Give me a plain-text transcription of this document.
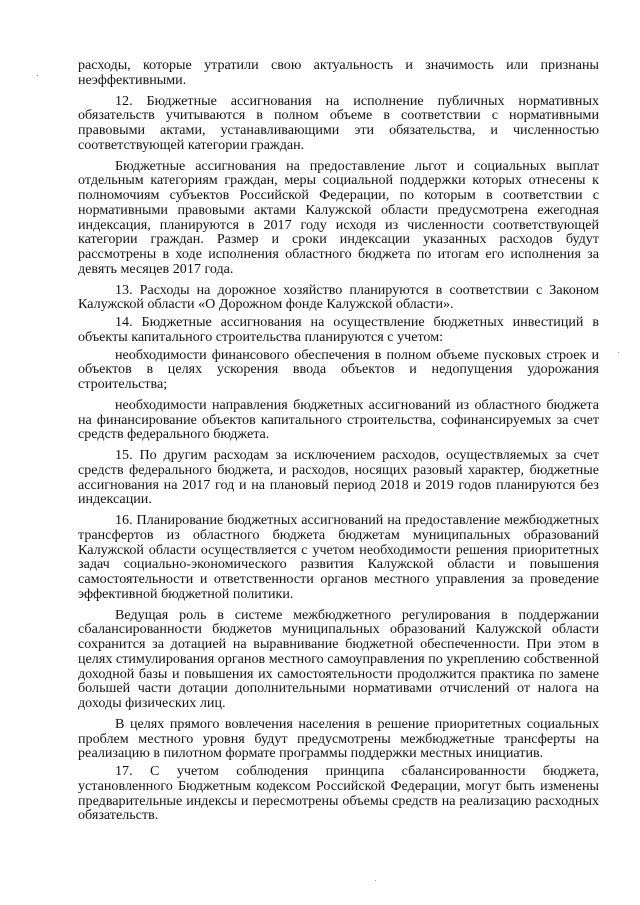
расходы, которые утратили свою актуальность и значимость или признаны неэффективными.

12. Бюджетные ассигнования на исполнение публичных нормативных обязательств учитываются в полном объеме в соответствии с нормативными правовыми актами, устанавливающими эти обязательства, и численностью соответствующей категории граждан.

Бюджетные ассигнования на предоставление льгот и социальных выплат отдельным категориям граждан, меры социальной поддержки которых отнесены к полномочиям субъектов Российской Федерации, по которым в соответствии с нормативными правовыми актами Калужской области предусмотрена ежегодная индексация, планируются в 2017 году исходя из численности соответствующей категории граждан. Размер и сроки индексации указанных расходов будут рассмотрены в ходе исполнения областного бюджета по итогам его исполнения за девять месяцев 2017 года.

13. Расходы на дорожное хозяйство планируются в соответствии с Законом Калужской области «О Дорожном фонде Калужской области».

14. Бюджетные ассигнования на осуществление бюджетных инвестиций в объекты капитального строительства планируются с учетом:

необходимости финансового обеспечения в полном объеме пусковых строек и объектов в целях ускорения ввода объектов и недопущения удорожания строительства;

необходимости направления бюджетных ассигнований из областного бюджета на финансирование объектов капитального строительства, софинансируемых за счет средств федерального бюджета.

15. По другим расходам за исключением расходов, осуществляемых за счет средств федерального бюджета, и расходов, носящих разовый характер, бюджетные ассигнования на 2017 год и на плановый период 2018 и 2019 годов планируются без индексации.

16. Планирование бюджетных ассигнований на предоставление межбюджетных трансфертов из областного бюджета бюджетам муниципальных образований Калужской области осуществляется с учетом необходимости решения приоритетных задач социально-экономического развития Калужской области и повышения самостоятельности и ответственности органов местного управления за проведение эффективной бюджетной политики.

Ведущая роль в системе межбюджетного регулирования в поддержании сбалансированности бюджетов муниципальных образований Калужской области сохранится за дотацией на выравнивание бюджетной обеспеченности. При этом в целях стимулирования органов местного самоуправления по укреплению собственной доходной базы и повышения их самостоятельности продолжится практика по замене большей части дотации дополнительными нормативами отчислений от налога на доходы физических лиц.

В целях прямого вовлечения населения в решение приоритетных социальных проблем местного уровня будут предусмотрены межбюджетные трансферты на реализацию в пилотном формате программы поддержки местных инициатив.

17. С учетом соблюдения принципа сбалансированности бюджета, установленного Бюджетным кодексом Российской Федерации, могут быть изменены предварительные индексы и пересмотрены объемы средств на реализацию расходных обязательств.
